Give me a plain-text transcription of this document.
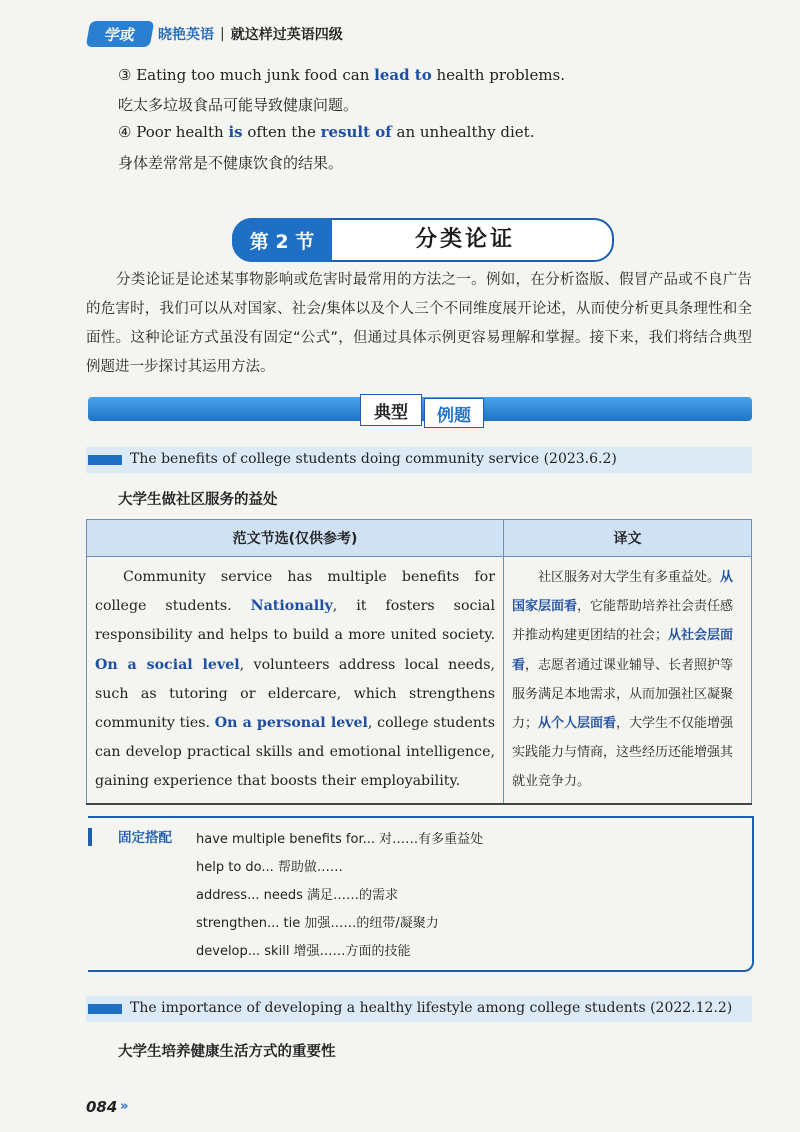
学或	晓艳英语 | 就这样过英语四级
③ Eating too much junk food can lead to health problems.
吃太多垃圾食品可能导致健康问题。
④ Poor health is often the result of an unhealthy diet.
身体差常常是不健康饮食的结果。
第 2 节	分类论证
分类论证是论述某事物影响或危害时最常用的方法之一。例如，在分析盗版、假冒产品或不良广告的危害时，我们可以从对国家、社会/集体以及个人三个不同维度展开论述，从而使分析更具条理性和全面性。这种论证方式虽没有固定“公式”，但通过具体示例更容易理解和掌握。接下来，我们将结合典型例题进一步探讨其运用方法。
典型	例题
The benefits of college students doing community service (2023.6.2)
大学生做社区服务的益处
范文节选(仅供参考)	译文

Community service has multiple benefits for college students. Nationally, it fosters social responsibility and helps to build a more united society. On a social level, volunteers address local needs, such as tutoring or eldercare, which strengthens community ties. On a personal level, college students can develop practical skills and emotional intelligence, gaining experience that boosts their employability.	社区服务对大学生有多重益处。从国家层面看，它能帮助培养社会责任感并推动构建更团结的社会；从社会层面看，志愿者通过课业辅导、长者照护等服务满足本地需求，从而加强社区凝聚力；从个人层面看，大学生不仅能增强实践能力与情商，这些经历还能增强其就业竞争力。
固定搭配 have multiple benefits for... 对……有多重益处
help to do... 帮助做……
address... needs 满足……的需求
strengthen... tie 加强……的纽带/凝聚力
develop... skill 增强……方面的技能
The importance of developing a healthy lifestyle among college students (2022.12.2)
大学生培养健康生活方式的重要性
084 »
